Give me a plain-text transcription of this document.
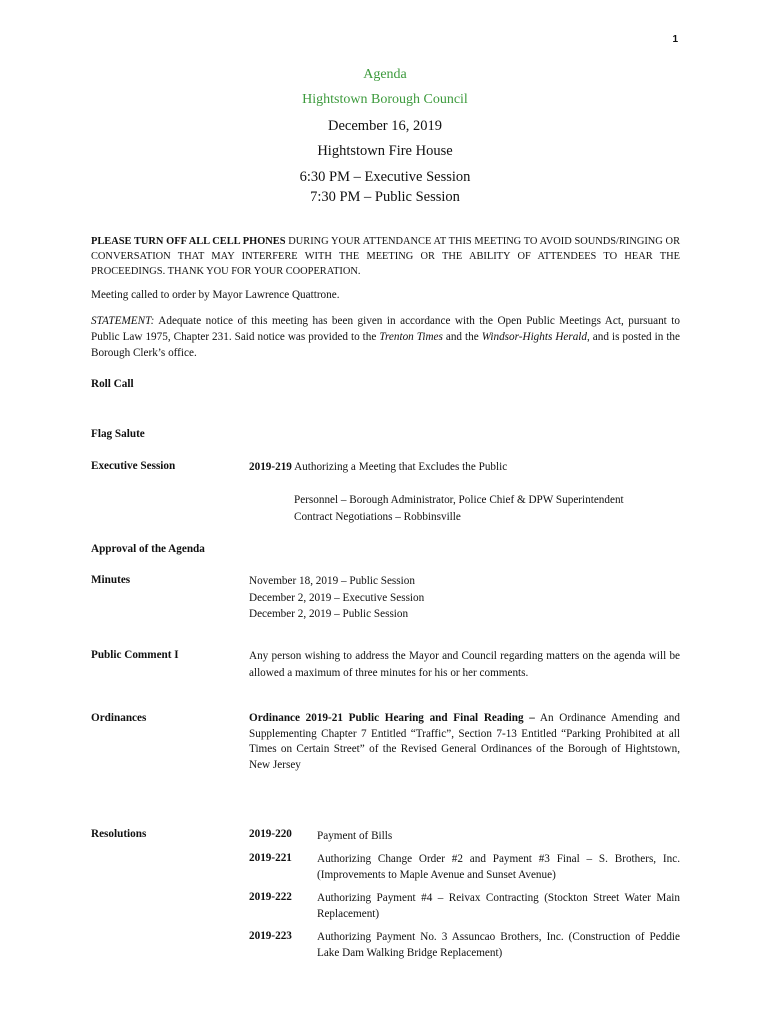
1
Agenda
Hightstown Borough Council
December 16, 2019
Hightstown Fire House
6:30 PM – Executive Session
7:30 PM – Public Session
PLEASE TURN OFF ALL CELL PHONES DURING YOUR ATTENDANCE AT THIS MEETING TO AVOID SOUNDS/RINGING OR CONVERSATION THAT MAY INTERFERE WITH THE MEETING OR THE ABILITY OF ATTENDEES TO HEAR THE PROCEEDINGS. THANK YOU FOR YOUR COOPERATION.
Meeting called to order by Mayor Lawrence Quattrone.
STATEMENT: Adequate notice of this meeting has been given in accordance with the Open Public Meetings Act, pursuant to Public Law 1975, Chapter 231. Said notice was provided to the Trenton Times and the Windsor-Hights Herald, and is posted in the Borough Clerk’s office.
Roll Call
Flag Salute
Executive Session	2019-219 Authorizing a Meeting that Excludes the Public
Personnel – Borough Administrator, Police Chief & DPW Superintendent
Contract Negotiations – Robbinsville
Approval of the Agenda
Minutes	November 18, 2019 – Public Session
December 2, 2019 – Executive Session
December 2, 2019 – Public Session
Public Comment I	Any person wishing to address the Mayor and Council regarding matters on the agenda will be allowed a maximum of three minutes for his or her comments.
Ordinances	Ordinance 2019-21 Public Hearing and Final Reading – An Ordinance Amending and Supplementing Chapter 7 Entitled “Traffic”, Section 7-13 Entitled “Parking Prohibited at all Times on Certain Street” of the Revised General Ordinances of the Borough of Hightstown, New Jersey
Resolutions	2019-220 Payment of Bills
2019-221 Authorizing Change Order #2 and Payment #3 Final – S. Brothers, Inc. (Improvements to Maple Avenue and Sunset Avenue)
2019-222 Authorizing Payment #4 – Reivax Contracting (Stockton Street Water Main Replacement)
2019-223 Authorizing Payment No. 3 Assuncao Brothers, Inc. (Construction of Peddie Lake Dam Walking Bridge Replacement)
